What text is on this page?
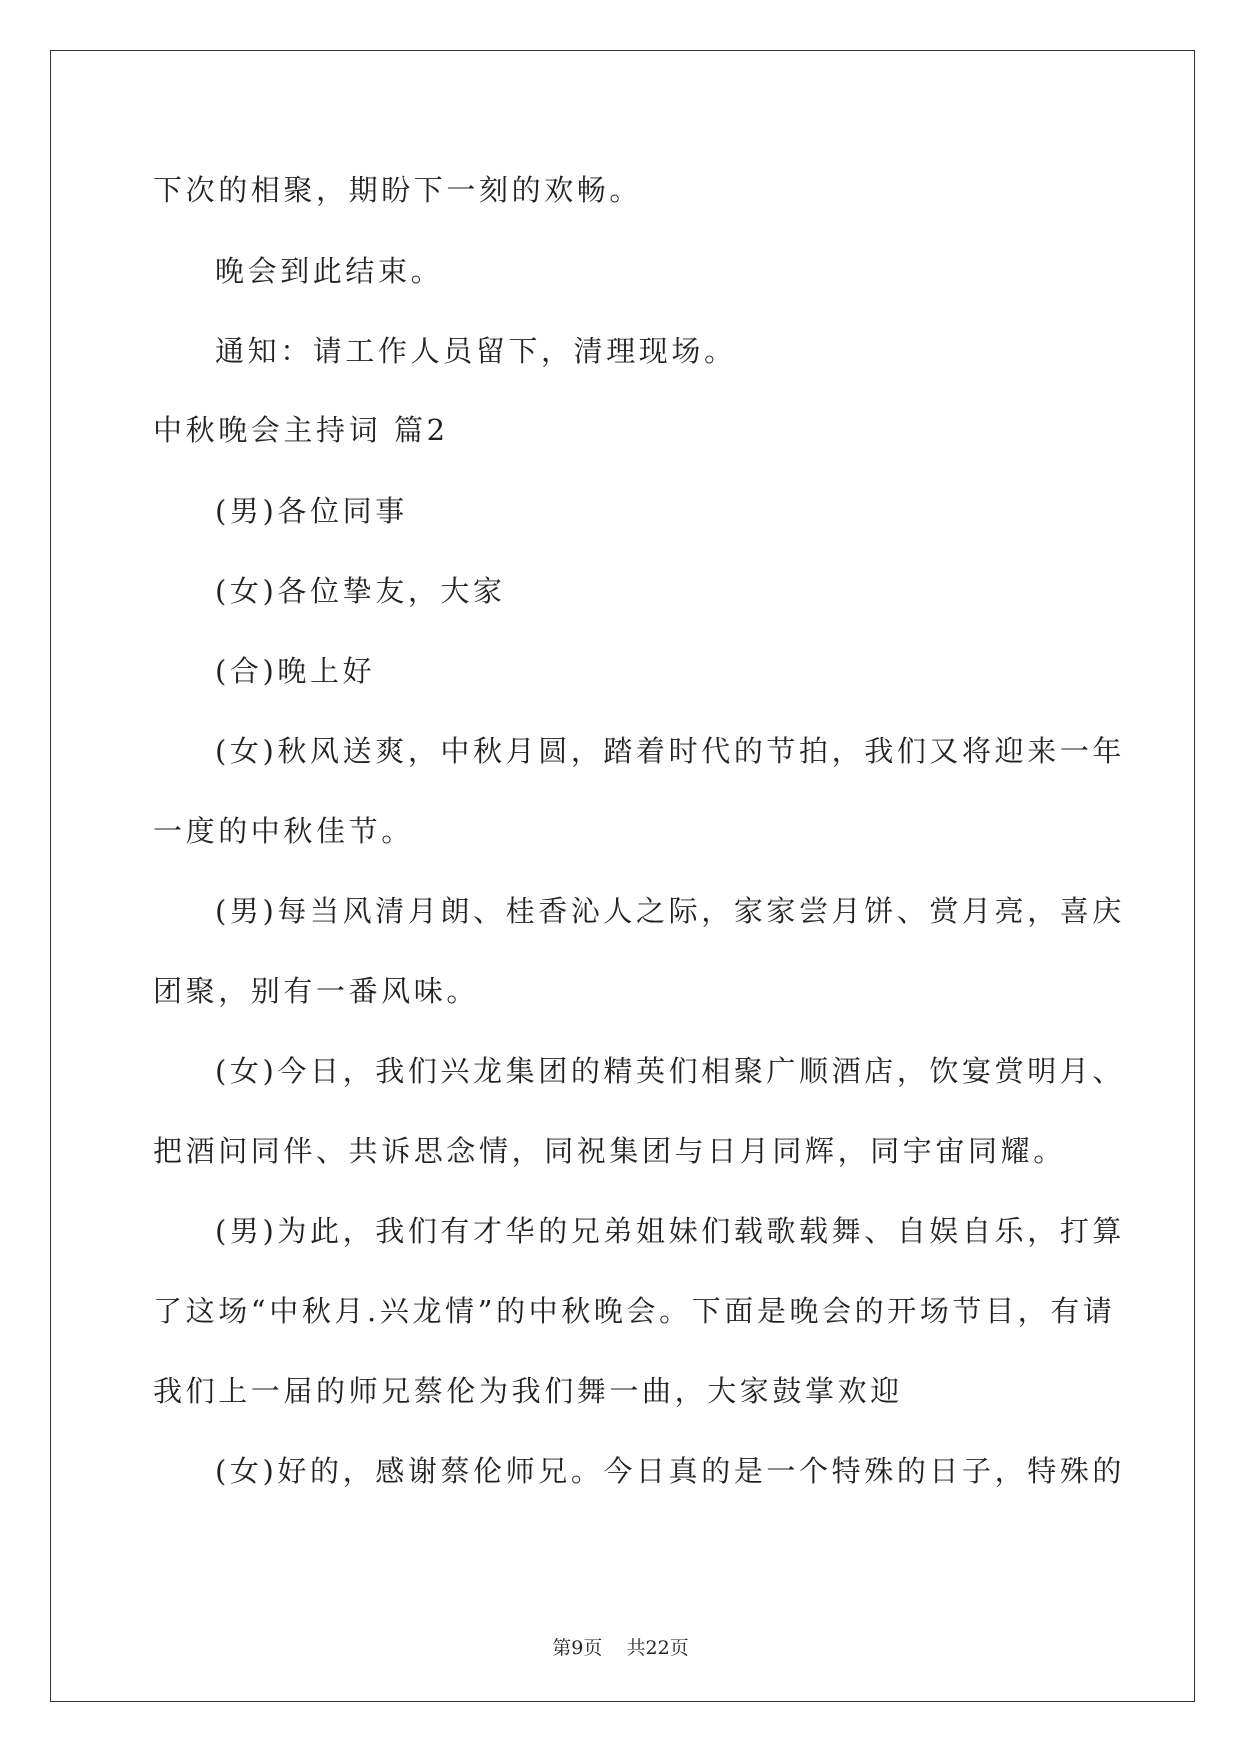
下次的相聚，期盼下一刻的欢畅。
晚会到此结束。
通知：请工作人员留下，清理现场。
中秋晚会主持词 篇2
(男)各位同事
(女)各位挚友，大家
(合)晚上好
(女)秋风送爽，中秋月圆，踏着时代的节拍，我们又将迎来一年
一度的中秋佳节。
(男)每当风清月朗、桂香沁人之际，家家尝月饼、赏月亮，喜庆
团聚，别有一番风味。
(女)今日，我们兴龙集团的精英们相聚广顺酒店，饮宴赏明月、
把酒问同伴、共诉思念情，同祝集团与日月同辉，同宇宙同耀。
(男)为此，我们有才华的兄弟姐妹们载歌载舞、自娱自乐，打算
了这场“中秋月.兴龙情”的中秋晚会。下面是晚会的开场节目，有请
我们上一届的师兄蔡伦为我们舞一曲，大家鼓掌欢迎
(女)好的，感谢蔡伦师兄。今日真的是一个特殊的日子，特殊的
第9页 共22页
